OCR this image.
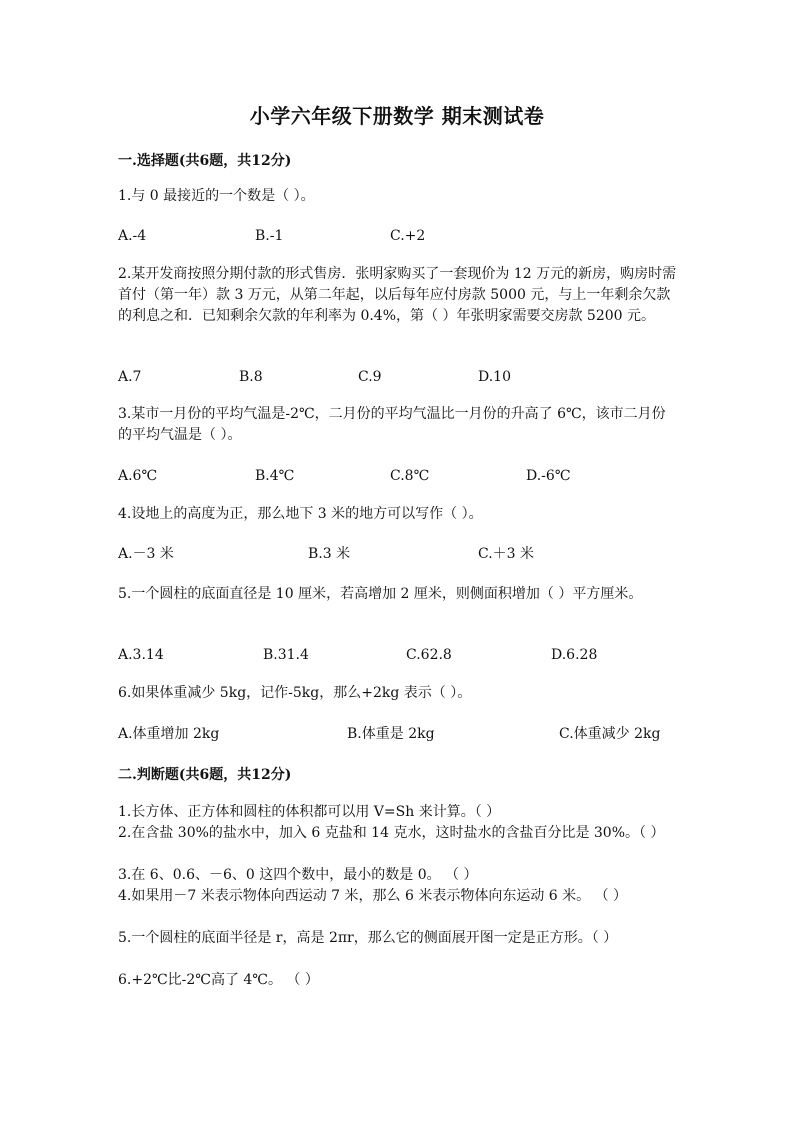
小学六年级下册数学 期末测试卷
一.选择题(共6题，共12分)
1.与 0 最接近的一个数是（ ）。
A.-4	B.-1	C.+2
2.某开发商按照分期付款的形式售房．张明家购买了一套现价为 12 万元的新房，购房时需首付（第一年）款 3 万元，从第二年起，以后每年应付房款 5000 元，与上一年剩余欠款的利息之和．已知剩余欠款的年利率为 0.4%，第（ ）年张明家需要交房款 5200 元。
A.7	B.8	C.9	D.10
3.某市一月份的平均气温是-2℃，二月份的平均气温比一月份的升高了 6℃，该市二月份的平均气温是（ ）。
A.6℃	B.4℃	C.8℃	D.-6℃
4.设地上的高度为正，那么地下 3 米的地方可以写作（ ）。
A.－3 米	B.3 米	C.＋3 米
5.一个圆柱的底面直径是 10 厘米，若高增加 2 厘米，则侧面积增加（ ）平方厘米。
A.3.14	B.31.4	C.62.8	D.6.28
6.如果体重减少 5kg，记作-5kg，那么+2kg 表示（ ）。
A.体重增加 2kg	B.体重是 2kg	C.体重减少 2kg
二.判断题(共6题，共12分)
1.长方体、正方体和圆柱的体积都可以用 V=Sh 来计算。（ ）
2.在含盐 30%的盐水中，加入 6 克盐和 14 克水，这时盐水的含盐百分比是 30%。（ ）
3.在 6、0.6、－6、0 这四个数中，最小的数是 0。 （ ）
4.如果用－7 米表示物体向西运动 7 米，那么 6 米表示物体向东运动 6 米。 （ ）
5.一个圆柱的底面半径是 r，高是 2πr，那么它的侧面展开图一定是正方形。（ ）
6.+2℃比-2℃高了 4℃。 （ ）
